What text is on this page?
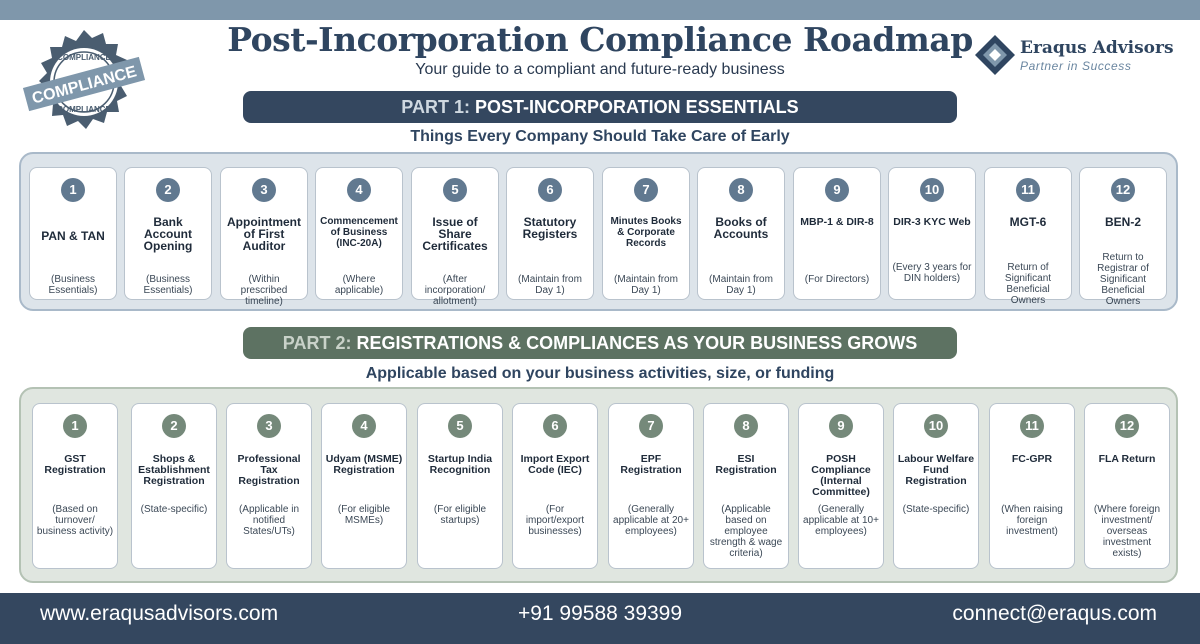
COMPLIANCE
COMPLIANCE
COMPLIANCE
Post-Incorporation Compliance Roadmap
Your guide to a compliant and future-ready business
Eraqus Advisors
Partner in Success
PART 1: POST-INCORPORATION ESSENTIALS
Things Every Company Should Take Care of Early
1
PAN & TAN
(Business Essentials)
2
Bank Account Opening
(Business Essentials)
3
Appointment of First Auditor
(Within prescribed timeline)
4
Commencement of Business (INC-20A)
(Where applicable)
5
Issue of Share Certificates
(After incorporation/ allotment)
6
Statutory Registers
(Maintain from Day 1)
7
Minutes Books & Corporate Records
(Maintain from Day 1)
8
Books of Accounts
(Maintain from Day 1)
9
MBP-1 & DIR-8
(For Directors)
10
DIR-3 KYC Web
(Every 3 years for DIN holders)
11
MGT-6
Return of Significant Beneficial Owners
12
BEN-2
Return to Registrar of Significant Beneficial Owners
PART 2: REGISTRATIONS & COMPLIANCES AS YOUR BUSINESS GROWS
Applicable based on your business activities, size, or funding
1
GST Registration
(Based on turnover/ business activity)
2
Shops & Establishment Registration
(State-specific)
3
Professional Tax Registration
(Applicable in notified States/UTs)
4
Udyam (MSME) Registration
(For eligible MSMEs)
5
Startup India Recognition
(For eligible startups)
6
Import Export Code (IEC)
(For import/export businesses)
7
EPF Registration
(Generally applicable at 20+ employees)
8
ESI Registration
(Applicable based on employee strength & wage criteria)
9
POSH Compliance (Internal Committee)
(Generally applicable at 10+ employees)
10
Labour Welfare Fund Registration
(State-specific)
11
FC-GPR
(When raising foreign investment)
12
FLA Return
(Where foreign investment/ overseas investment exists)
www.eraqusadvisors.com	+91 99588 39399	connect@eraqus.com
